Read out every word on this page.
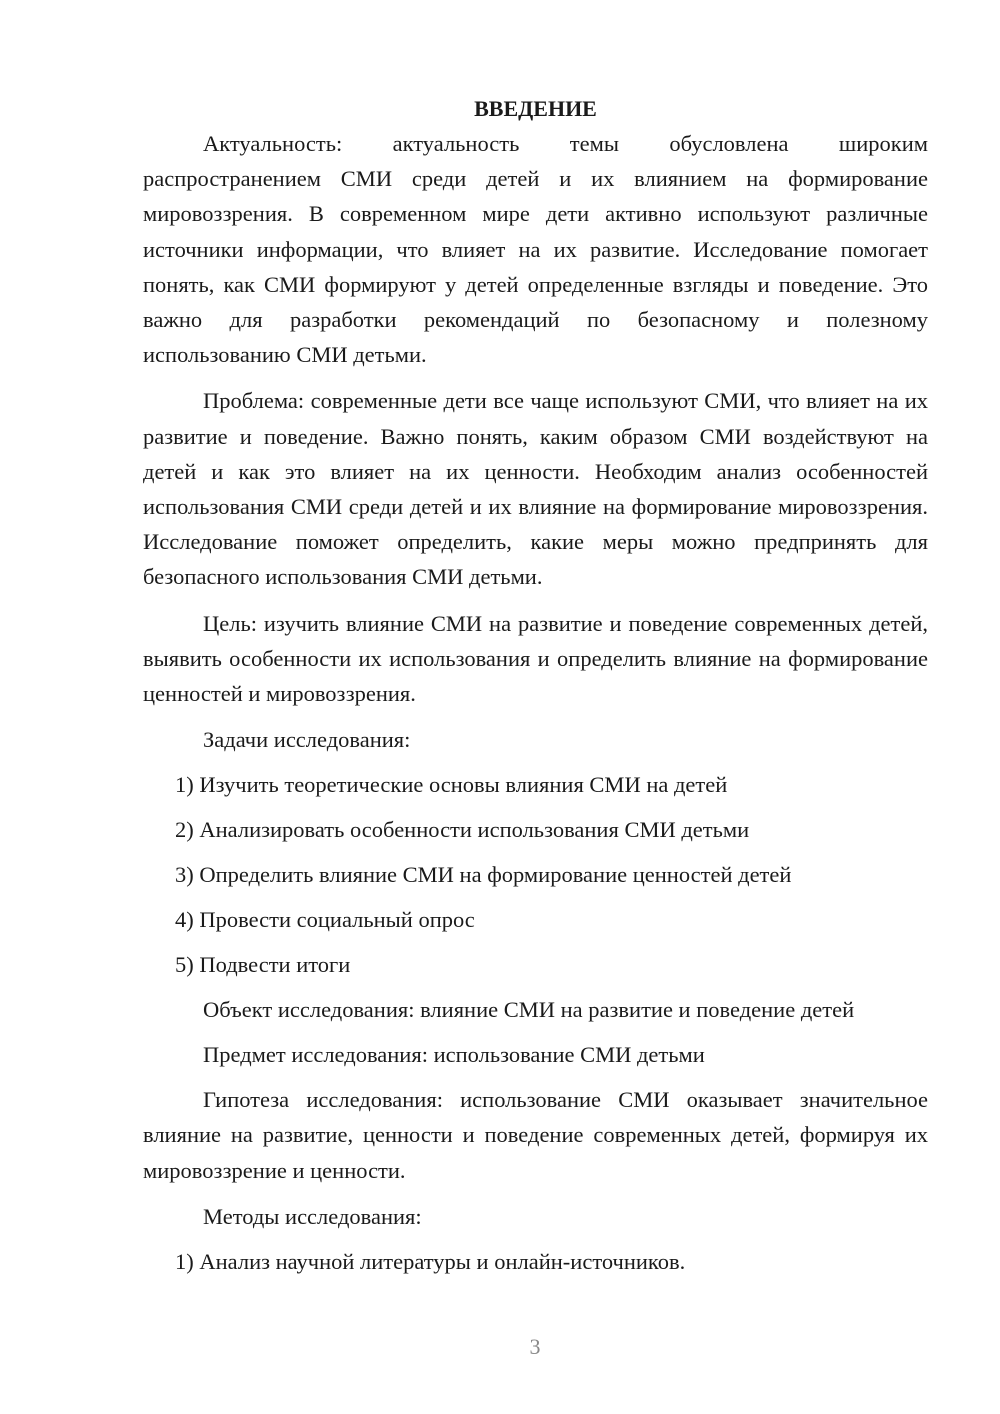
ВВЕДЕНИЕ

Актуальность: актуальность темы обусловлена широким распространением СМИ среди детей и их влиянием на формирование мировоззрения. В современном мире дети активно используют различные источники информации, что влияет на их развитие. Исследование помогает понять, как СМИ формируют у детей определенные взгляды и поведение. Это важно для разработки рекомендаций по безопасному и полезному использованию СМИ детьми.

Проблема: современные дети все чаще используют СМИ, что влияет на их развитие и поведение. Важно понять, каким образом СМИ воздействуют на детей и как это влияет на их ценности. Необходим анализ особенностей использования СМИ среди детей и их влияние на формирование мировоззрения. Исследование поможет определить, какие меры можно предпринять для безопасного использования СМИ детьми.

Цель: изучить влияние СМИ на развитие и поведение современных детей, выявить особенности их использования и определить влияние на формирование ценностей и мировоззрения.

Задачи исследования:

1) Изучить теоретические основы влияния СМИ на детей

2) Анализировать особенности использования СМИ детьми

3) Определить влияние СМИ на формирование ценностей детей

4) Провести социальный опрос

5) Подвести итоги

Объект исследования: влияние СМИ на развитие и поведение детей

Предмет исследования: использование СМИ детьми

Гипотеза исследования: использование СМИ оказывает значительное влияние на развитие, ценности и поведение современных детей, формируя их мировоззрение и ценности.

Методы исследования:

1) Анализ научной литературы и онлайн-источников.

3
